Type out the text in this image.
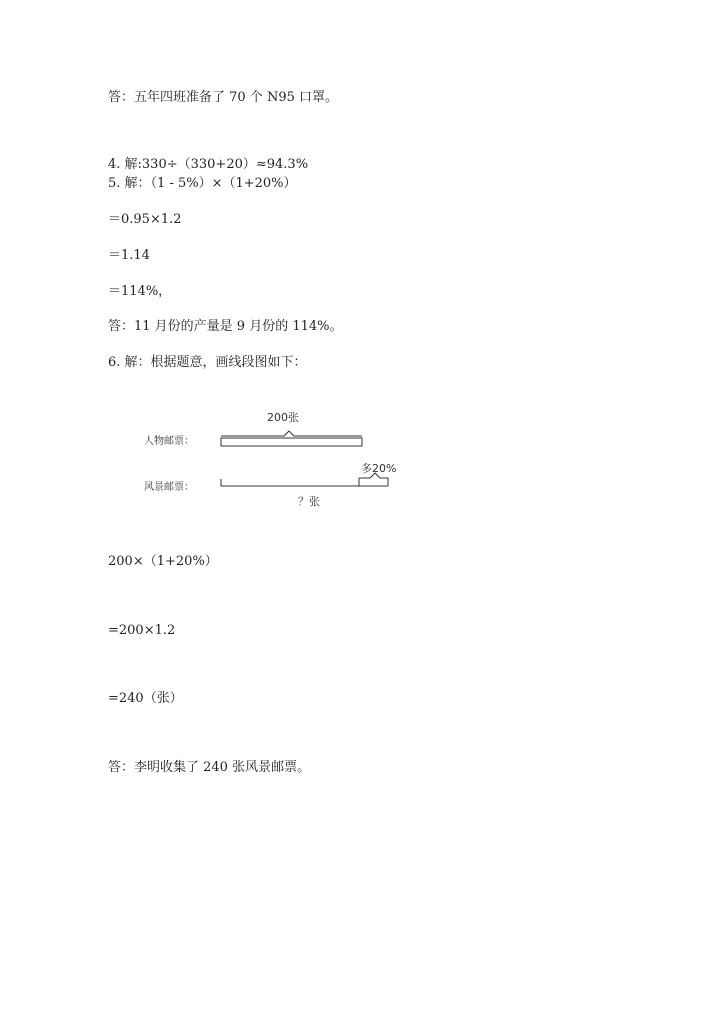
答：五年四班准备了 70 个 N95 口罩。
4. 解:330÷（330+20）≈94.3%
5. 解：（1 - 5%）×（1+20%）
＝0.95×1.2
＝1.14
＝114%，
答：11 月份的产量是 9 月份的 114%。
6. 解：根据题意，画线段图如下：
人物邮票：
200张
风景邮票：
多20%
？张
200×（1+20%）
=200×1.2
=240（张）
答：李明收集了 240 张风景邮票。
